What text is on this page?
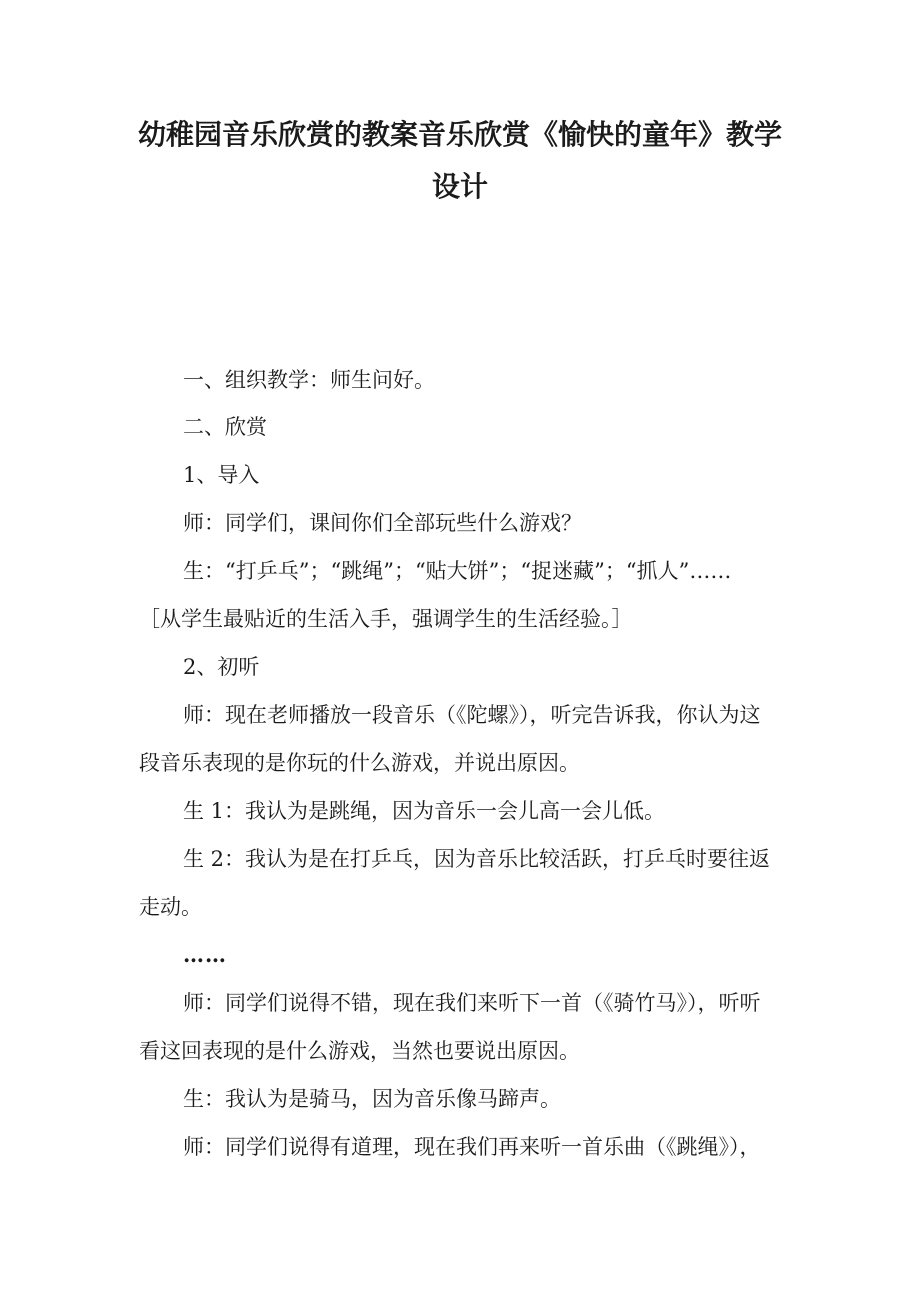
幼稚园音乐欣赏的教案音乐欣赏《愉快的童年》教学
设计

一、组织教学：师生问好。

二、欣赏

1、导入

师：同学们，课间你们全部玩些什么游戏？

生：“打乒乓”；“跳绳”；“贴大饼”；“捉迷藏”；“抓人”……

［从学生最贴近的生活入手，强调学生的生活经验。］

2、初听

师：现在老师播放一段音乐（《陀螺》），听完告诉我，你认为这

段音乐表现的是你玩的什么游戏，并说出原因。

生 1：我认为是跳绳，因为音乐一会儿高一会儿低。

生 2：我认为是在打乒乓，因为音乐比较活跃，打乒乓时要往返

走动。

……

师：同学们说得不错，现在我们来听下一首（《骑竹马》），听听

看这回表现的是什么游戏，当然也要说出原因。

生：我认为是骑马，因为音乐像马蹄声。

师：同学们说得有道理，现在我们再来听一首乐曲（《跳绳》），
